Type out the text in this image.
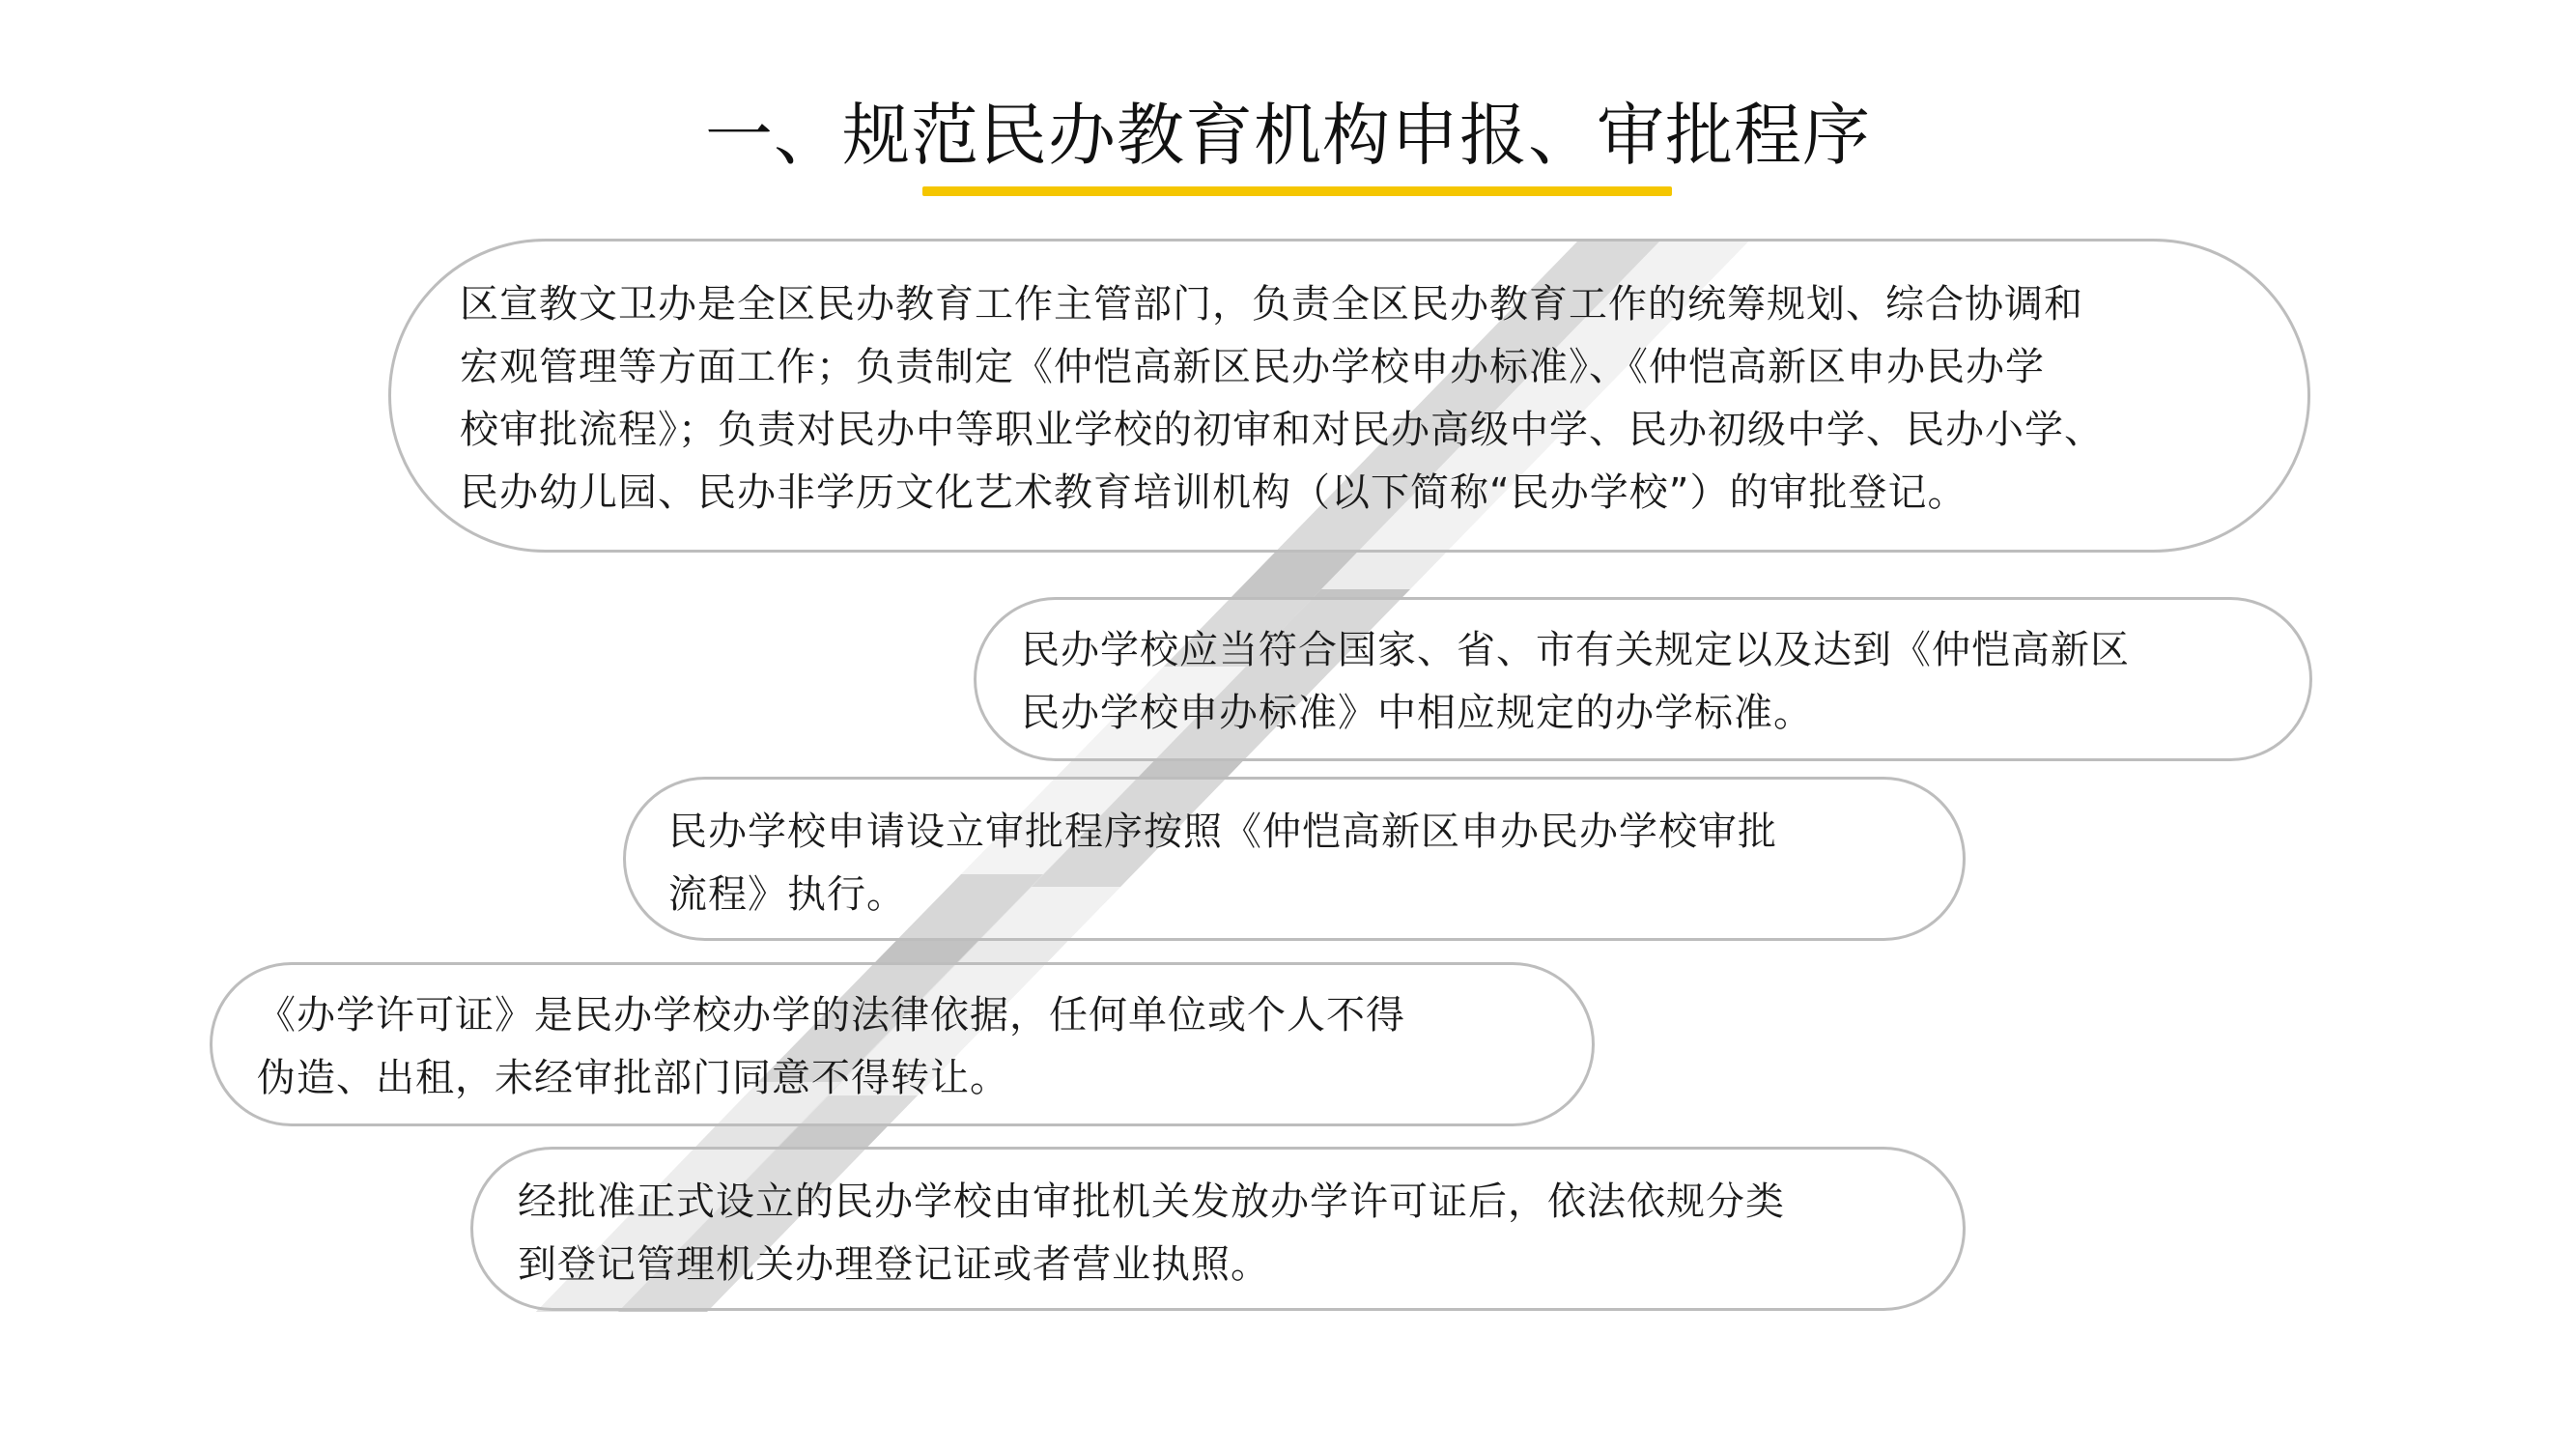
一、规范民办教育机构申报、审批程序
区宣教文卫办是全区民办教育工作主管部门，负责全区民办教育工作的统筹规划、综合协调和
宏观管理等方面工作；负责制定《仲恺高新区民办学校申办标准》、《仲恺高新区申办民办学
校审批流程》；负责对民办中等职业学校的初审和对民办高级中学、民办初级中学、民办小学、
民办幼儿园、民办非学历文化艺术教育培训机构（以下简称“民办学校”）的审批登记。
民办学校应当符合国家、省、市有关规定以及达到《仲恺高新区
民办学校申办标准》中相应规定的办学标准。
民办学校申请设立审批程序按照《仲恺高新区申办民办学校审批
流程》执行。
《办学许可证》是民办学校办学的法律依据，任何单位或个人不得
伪造、出租，未经审批部门同意不得转让。
经批准正式设立的民办学校由审批机关发放办学许可证后，依法依规分类
到登记管理机关办理登记证或者营业执照。
